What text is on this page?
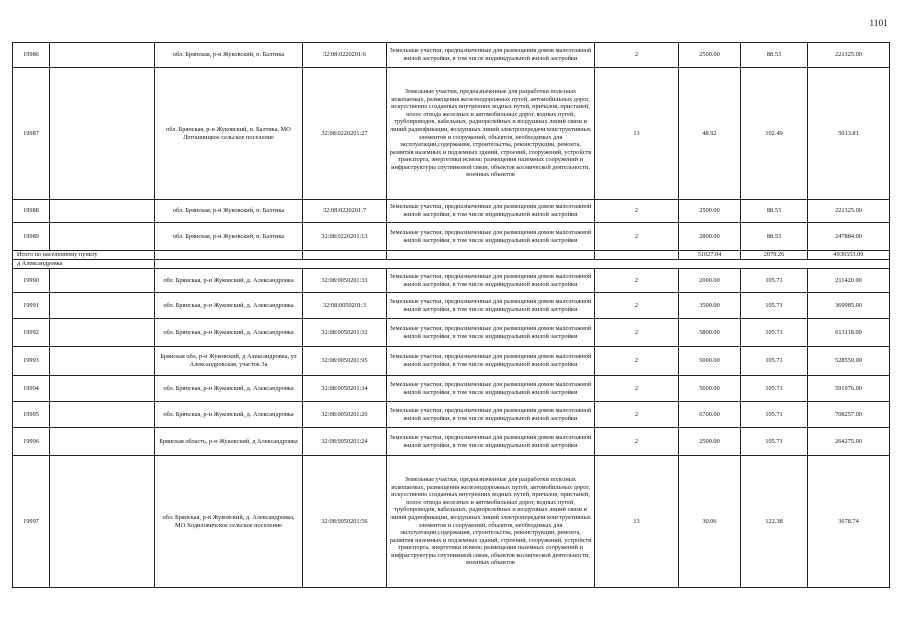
1101
19986		обл. Брянская, р-н Жуковский, п. Балтика	32:08:0220201:6	Земельные участки, предназначенные для размещения домов малоэтажной жилой застройки, в том числе индивидуальной жилой застройки	2	2500.00	88.53	221325.00
19987		обл. Брянская, р-н Жуковский, п. Балтика, МО Летошницкое сельское поселение	32:08:0220201:27	Земельные участки, предназначенные для разработки полезных ископаемых, размещения железнодорожных путей, автомобильных дорог, искусственно созданных внутренних водных путей, причалов, пристаней, полос отвода железных и автомобильных дорог, водных путей, трубопроводов, кабельных, радиорелейных и воздушных линий связи и линий радиофикации, воздушных линий электропередачи конструктивных элементов и сооружений, объектов, необходимых для эксплуатации,содержания, строительства, реконструкции, ремонта, развития наземных и подземных зданий, строений, сооружений, устройств транспорта, энергетики исвязи; размещения наземных сооружений и инфраструктуры спутниковой связи, объектов космической деятельности, военных объектов	13	48.92	102.49	5013.81
19988		обл. Брянская, р-н Жуковский, п. Балтика	32:08:0220201:7	Земельные участки, предназначенные для размещения домов малоэтажной жилой застройки, в том числе индивидуальной жилой застройки	2	2500.00	88.53	221325.00
19989		обл. Брянская, р-н Жуковский, п. Балтика	32:08:0220201:13	Земельные участки, предназначенные для размещения домов малоэтажной жилой застройки, в том числе индивидуальной жилой застройки	2	2800.00	88.53	247884.00
Итого по населенному пункту						51027.04	2079.26	4936553.09
д Александровка								
19990		обл. Брянская, р-н Жуковский, д. Александровка	32:08:0050201:33	Земельные участки, предназначенные для размещения домов малоэтажной жилой застройки, в том числе индивидуальной жилой застройки	2	2000.00	105.71	211420.00
19991		обл. Брянская, р-н Жуковский, д. Александровка	32:08:0050201:3	Земельные участки, предназначенные для размещения домов малоэтажной жилой застройки, в том числе индивидуальной жилой застройки	2	3500.00	105.71	369985.00
19992		обл. Брянская, р-н Жуковский, д. Александровка	32:08:0050201:32	Земельные участки, предназначенные для размещения домов малоэтажной жилой застройки, в том числе индивидуальной жилой застройки	2	5800.00	105.71	613118.00
19993		Брянская обл, р-н Жуковский, д Александровка, ул Александровская, участок 3а	32:08:0050201:95	Земельные участки, предназначенные для размещения домов малоэтажной жилой застройки, в том числе индивидуальной жилой застройки	2	5000.00	105.71	528550.00
19994		обл. Брянская, р-н Жуковский, д. Александровка	32:08:0050201:34	Земельные участки, предназначенные для размещения домов малоэтажной жилой застройки, в том числе индивидуальной жилой застройки	2	5600.00	105.71	591976.00
19995		обл. Брянская, р-н Жуковский, д. Александровка	32:08:0050201:20	Земельные участки, предназначенные для размещения домов малоэтажной жилой застройки, в том числе индивидуальной жилой застройки	2	6700.00	105.71	708257.00
19996		Брянская область, р-н Жуковский, д Александровка	32:08:0050201:24	Земельные участки, предназначенные для размещения домов малоэтажной жилой застройки, в том числе индивидуальной жилой застройки	2	2500.00	105.71	264275.00
19997		обл. Брянская, р-н Жуковский, д. Александровка, МО Ходиловичское сельское поселение	32:08:0050201:56	Земельные участки, предназначенные для разработки полезных ископаемых, размещения железнодорожных путей, автомобильных дорог, искусственно созданных внутренних водных путей, причалов, пристаней, полос отвода железных и автомобильных дорог, водных путей, трубопроводов, кабельных, радиорелейных и воздушных линий связи и линий радиофикации, воздушных линий электропередачи конструктивных элементов и сооружений, объектов, необходимых для эксплуатации,содержания, строительства, реконструкции, ремонта, развития наземных и подземных зданий, строений, сооружений, устройств транспорта, энергетики исвязи; размещения наземных сооружений и инфраструктуры спутниковой связи, объектов космической деятельности, военных объектов	13	30.06	122.38	3678.74
